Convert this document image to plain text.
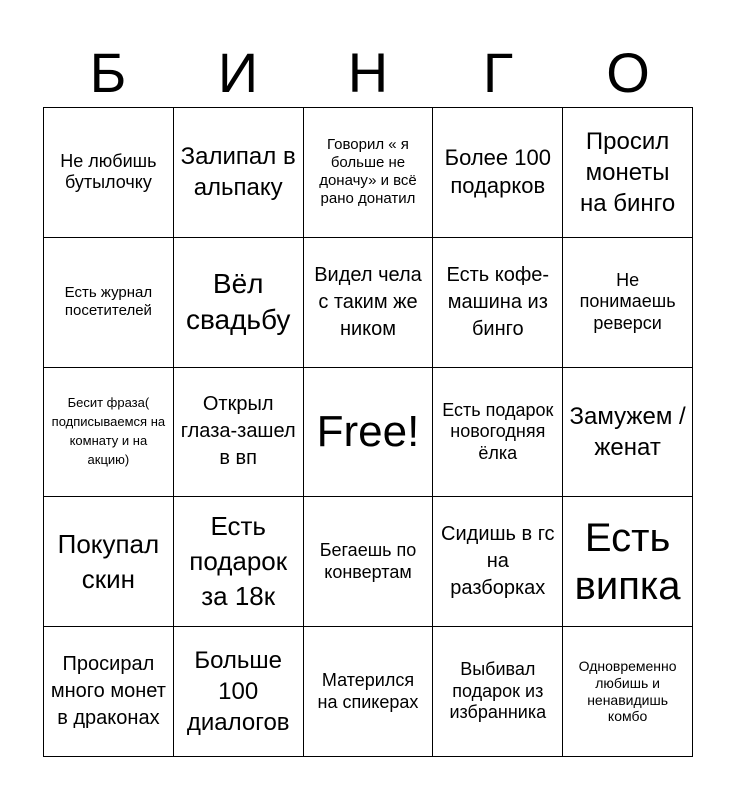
Б	И	Н	Г	О
Не любишь бутылочку
Залипал в альпаку
Говорил « я больше не доначу» и всё рано донатил
Более 100 подарков
Просил монеты на бинго
Есть журнал посетителей
Вёл свадьбу
Видел чела с таким же ником
Есть кофе-машина из бинго
Не понимаешь реверси
Бесит фраза( подписываемся на комнату и на акцию)
Открыл глаза-зашел в вп
Free! Есть подарок новогодняя ёлка
Замужем /женат
Покупал скин
Есть подарок за 18к
Бегаешь по конвертам
Сидишь в гс на разборках
Есть випка
Просирал много монет в драконах
Больше 100 диалогов
Матерился на спикерах
Выбивал подарок из избранника
Одновременно любишь и ненавидишь комбо
